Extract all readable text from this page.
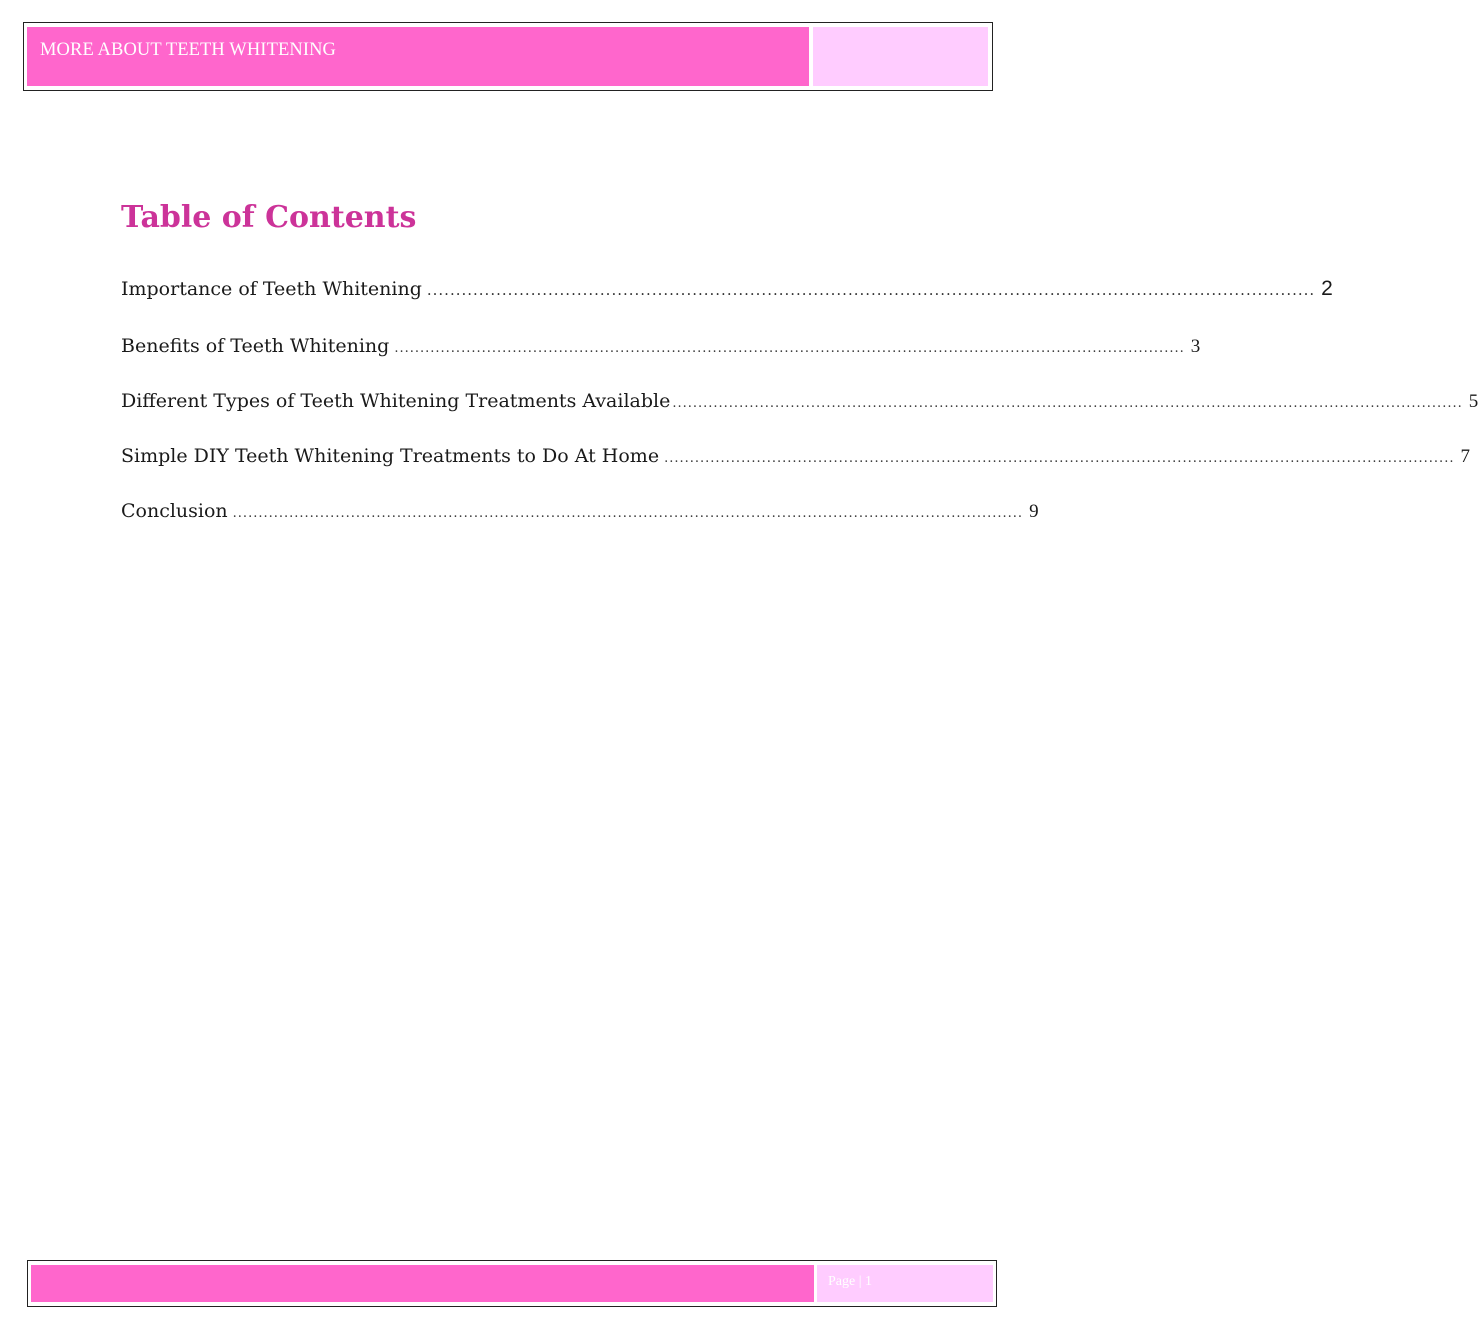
MORE ABOUT TEETH WHITENING
Table of Contents
Importance of Teeth Whitening .......................................................................................................................................................... 2
Benefits of Teeth Whitening .......................................................................................................................................................... 3
Different Types of Teeth Whitening Treatments Available .......................................................................................................................................................... 5
Simple DIY Teeth Whitening Treatments to Do At Home .......................................................................................................................................................... 7
Conclusion .......................................................................................................................................................... 9
Page | 1
